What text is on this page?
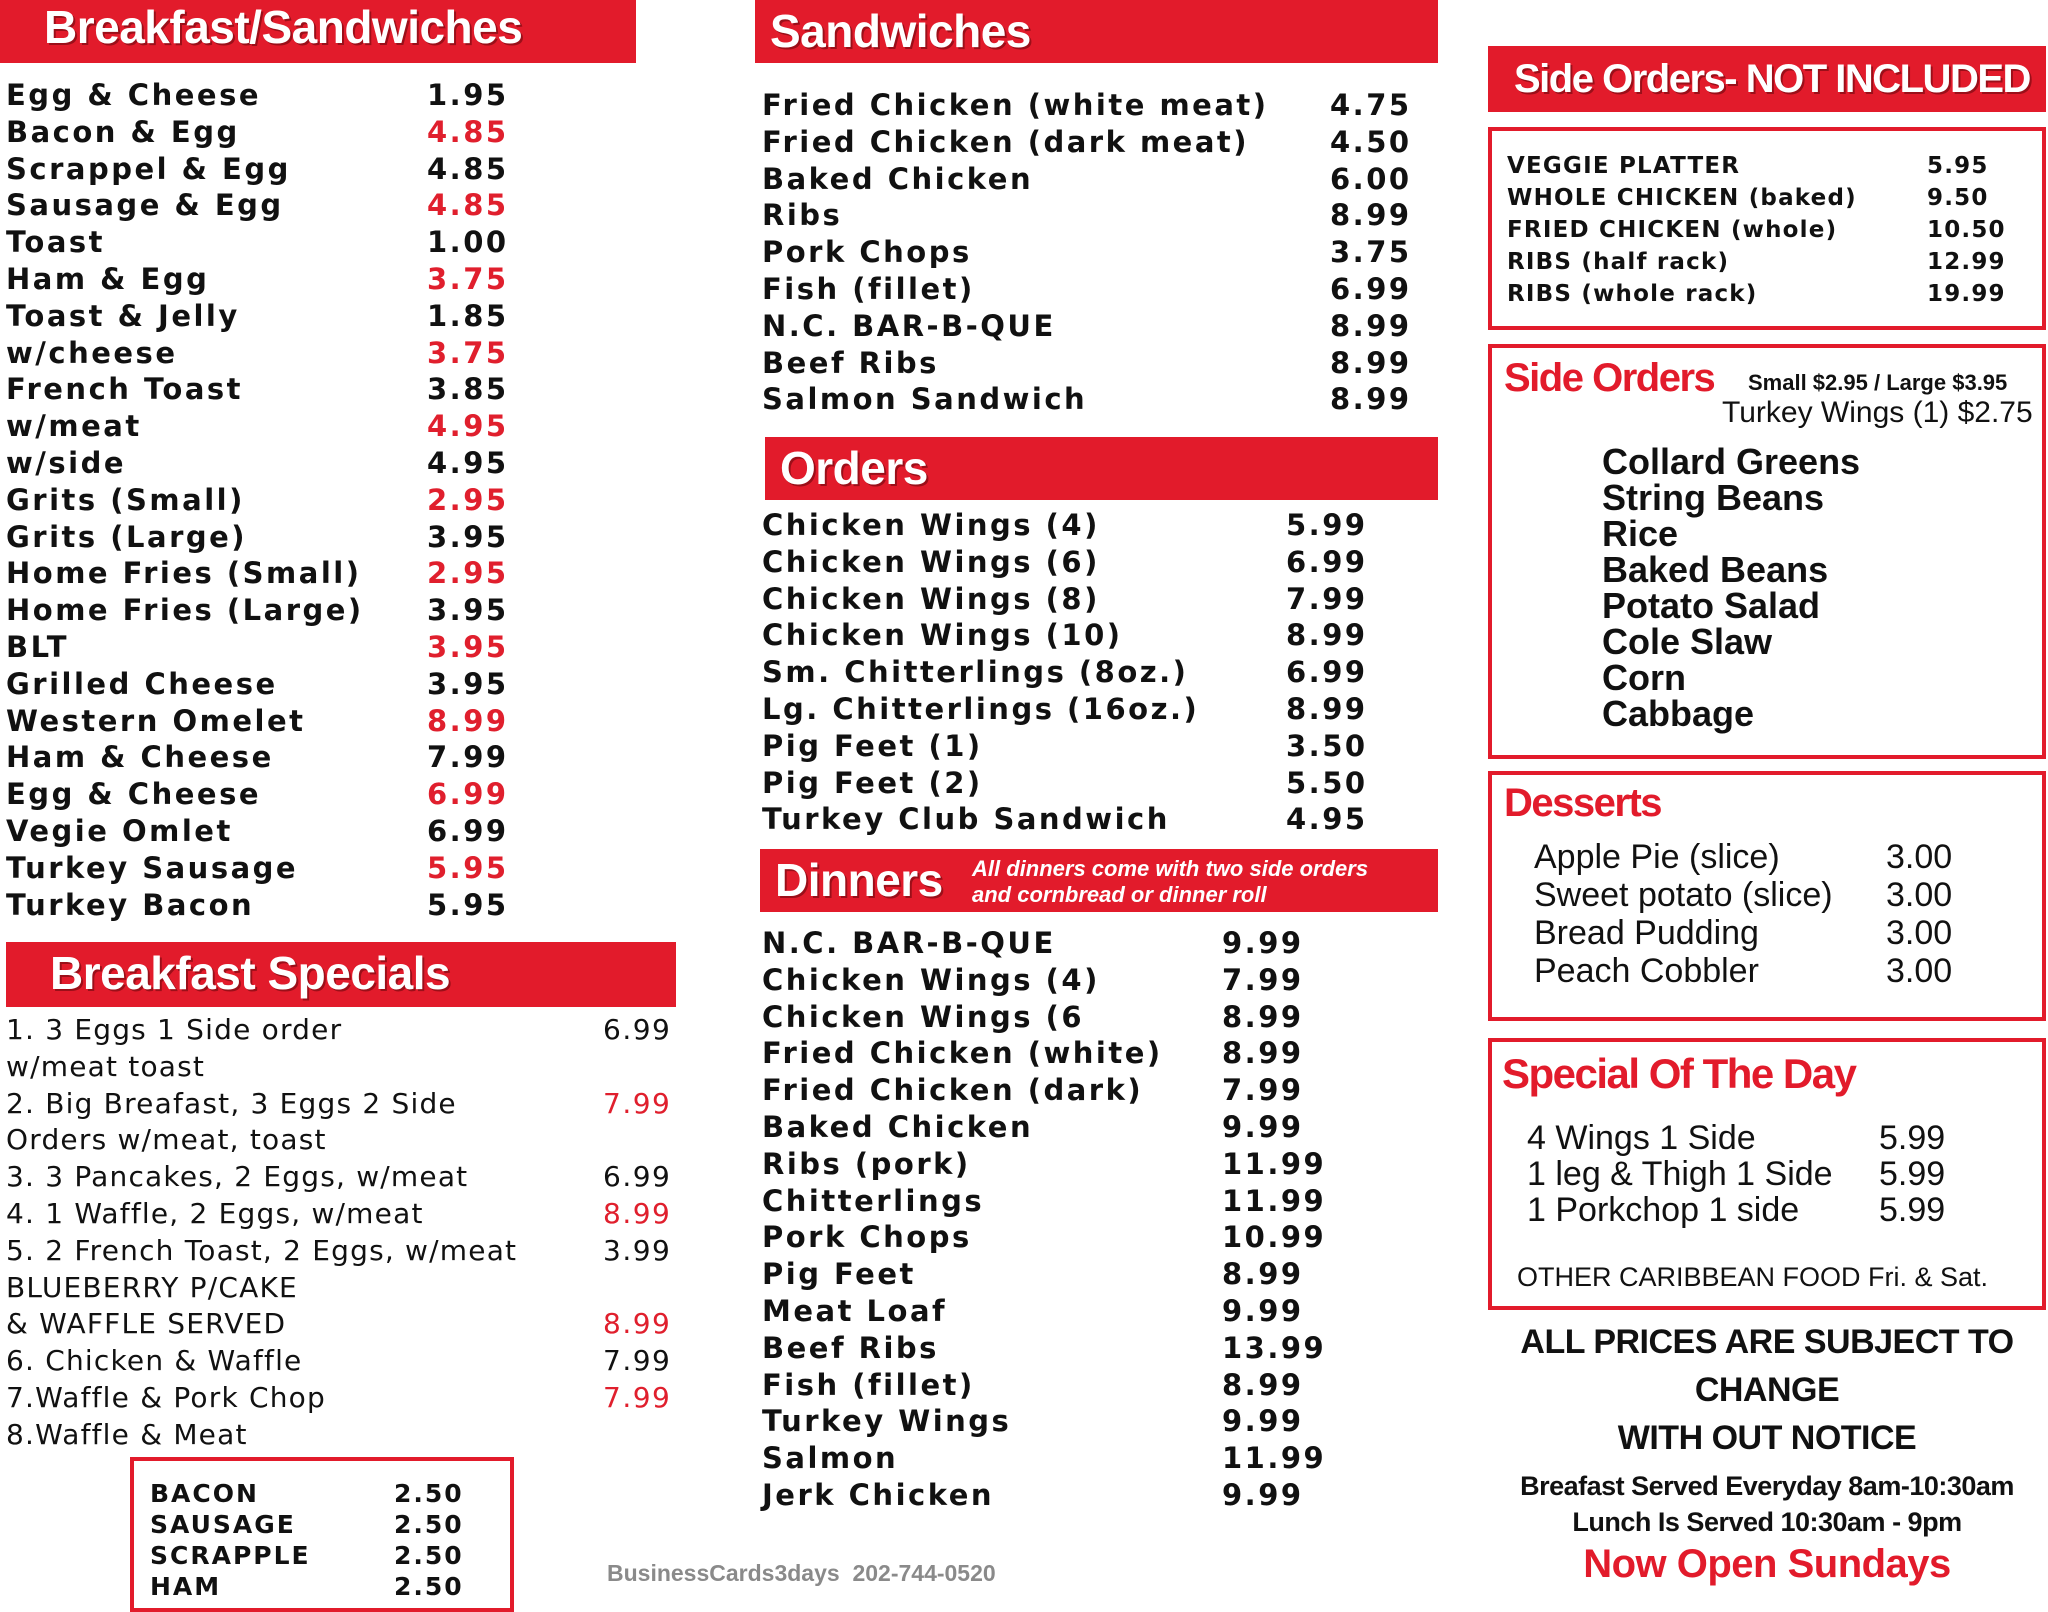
Breakfast/Sandwiches
Egg & Cheese	1.95
Bacon & Egg	4.85
Scrappel & Egg	4.85
Sausage & Egg	4.85
Toast	1.00
Ham & Egg	3.75
Toast & Jelly	1.85
w/cheese	3.75
French Toast	3.85
w/meat	4.95
w/side	4.95
Grits (Small)	2.95
Grits (Large)	3.95
Home Fries (Small) 2.95
Home Fries (Large) 3.95
BLT	3.95
Grilled Cheese	3.95
Western Omelet	8.99
Ham & Cheese	7.99
Egg & Cheese	6.99
Vegie Omlet	6.99
Turkey Sausage	5.95
Turkey Bacon	5.95
Breakfast Specials
1. 3 Eggs 1 Side order	6.99
w/meat toast
2. Big Breafast, 3 Eggs 2 Side	7.99
Orders w/meat, toast
3. 3 Pancakes, 2 Eggs, w/meat	6.99
4. 1 Waffle, 2 Eggs, w/meat	8.99
5. 2 French Toast, 2 Eggs, w/meat	3.99
BLUEBERRY P/CAKE
& WAFFLE SERVED	8.99
6. Chicken & Waffle	7.99
7.Waffle & Pork Chop	7.99
8.Waffle & Meat
BACON	2.50
SAUSAGE	2.50
SCRAPPLE	2.50
HAM	2.50
Sandwiches
Fried Chicken (white meat) 4.75
Fried Chicken (dark meat)	4.50
Baked Chicken	6.00
Ribs	8.99
Pork Chops	3.75
Fish (fillet)	6.99
N.C. BAR-B-QUE	8.99
Beef Ribs	8.99
Salmon Sandwich	8.99
Orders
Chicken Wings (4)	5.99
Chicken Wings (6)	6.99
Chicken Wings (8)	7.99
Chicken Wings (10)	8.99
Sm. Chitterlings (8oz.)	6.99
Lg. Chitterlings (16oz.)	8.99
Pig Feet (1)	3.50
Pig Feet (2)	5.50
Turkey Club Sandwich	4.95
Dinners All dinners come with two side orders
and cornbread or dinner roll
N.C. BAR-B-QUE	9.99
Chicken Wings (4)	7.99
Chicken Wings (6	8.99
Fried Chicken (white) 8.99
Fried Chicken (dark)	7.99
Baked Chicken	9.99
Ribs (pork)	11.99
Chitterlings	11.99
Pork Chops	10.99
Pig Feet	8.99
Meat Loaf	9.99
Beef Ribs	13.99
Fish (fillet)	8.99
Turkey Wings	9.99
Salmon	11.99
Jerk Chicken	9.99
BusinessCards3days  202-744-0520
Side Orders- NOT INCLUDED
VEGGIE PLATTER	5.95
WHOLE CHICKEN (baked)	9.50
FRIED CHICKEN (whole)	10.50
RIBS (half rack)	12.99
RIBS (whole rack)	19.99
Side Orders Small $2.95 / Large $3.95
Turkey Wings (1) $2.75
Collard Greens
String Beans
Rice
Baked Beans
Potato Salad
Cole Slaw
Corn
Cabbage
Desserts
Apple Pie (slice)	3.00
Sweet potato (slice) 3.00
Bread Pudding	3.00
Peach Cobbler	3.00
Special Of The Day
4 Wings 1 Side	5.99
1 leg & Thigh 1 Side 5.99
1 Porkchop 1 side 5.99
OTHER CARIBBEAN FOOD Fri. & Sat.
ALL PRICES ARE SUBJECT TO CHANGE
WITH OUT NOTICE
Breafast Served Everyday 8am-10:30am
Lunch Is Served 10:30am - 9pm
Now Open Sundays
